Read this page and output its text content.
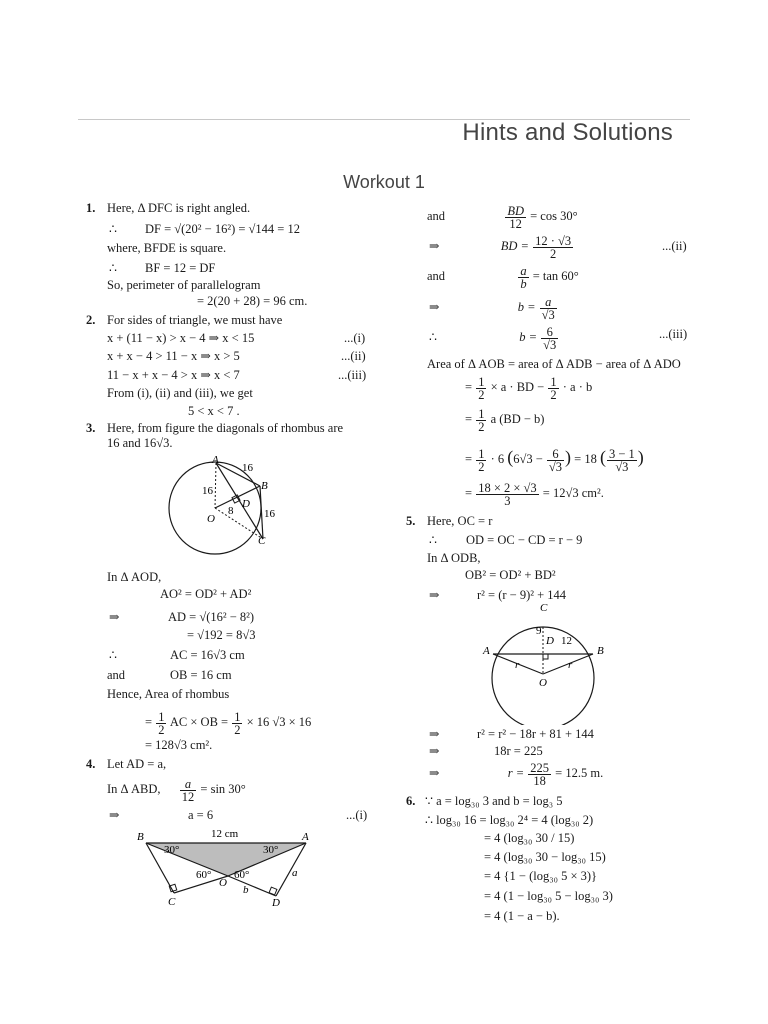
Hints and Solutions
Workout 1
1. Here, Δ DFC is right angled.
∴ DF = √(20² − 16²) = √144 = 12
where, BFDE is square.
∴ BF = 12 = DF
So, perimeter of parallelogram
= 2(20 + 28) = 96 cm.
2. For sides of triangle, we must have
x + (11 − x) > x − 4 ⇒ x < 15	...(i)
x + x − 4 > 11 − x ⇒ x > 5	...(ii)
11 − x + x − 4 > x ⇒ x < 7	...(iii)
From (i), (ii) and (iii), we get
5 < x < 7 .
3. Here, from figure the diagonals of rhombus are
16 and 16√3.
A
16
16	B
D
8
O	16
C
In Δ AOD,
AO² = OD² + AD²
⇒	AD = √(16² − 8²)
= √192 = 8√3
∴	AC = 16√3 cm
and	OB = 16 cm
Hence, Area of rhombus
= $\frac{1}{2}$ AC × OB = $\frac{1}{2} \times 16$ √3 × 16
= 128√3 cm².
4. Let AD = a,
In Δ ABD, $\frac{a}{12} = \sin 30^\circ$
⇒	a = 6	...(i)
B	12 cm	A
30°	30°
60° 60°
O
a
b
C	D
and	$\frac{BD}{12} = \cos 30^\circ$
⇒	BD = $\frac{12 \cdot √3}{2}$	...(ii)
and	$\frac{a}{b} = \tan 60^\circ$
⇒	$b = \frac{a}{√3}$
∴	$b = \frac{6}{√3}$	...(iii)
Area of Δ AOB = area of Δ ADB − area of Δ ADO
= $\frac{1}{2} \times a$ · BD − $\frac{1}{2} \cdot a \cdot b$
= $\frac{1}{2}$ a (BD − b)
= $\frac{1}{2} \cdot 6$ ($6√3 - \frac{6}{√3}$ ) = 18 ( $\frac{3 - 1}{√3}$ )
= $\frac{18 \times 2 \times √3}{3} = 12√3$ cm².
5. Here, OC = r
∴ OD = OC − CD = r − 9
In Δ ODB,
OB² = OD² + BD²
⇒	r² = (r − 9)² + 144
C
9
D 12
A	B
r	r
O
⇒	r² = r² − 18r + 81 + 144
⇒	18r = 225
⇒	$r = \frac{225}{18} = 12.5$ m.
6. ∵ a = log₃₀ 3 and b = log₃ 5
∴ log₃₀ 16 = log₃₀ 2⁴ = 4 (log₃₀ 2)
= 4 (log₃₀ 30 / 15)
= 4 (log₃₀ 30 − log₃₀ 15)
= 4 {1 − (log₃₀ 5 × 3)}
= 4 (1 − log₃₀ 5 − log₃₀ 3)
= 4 (1 − a − b).
